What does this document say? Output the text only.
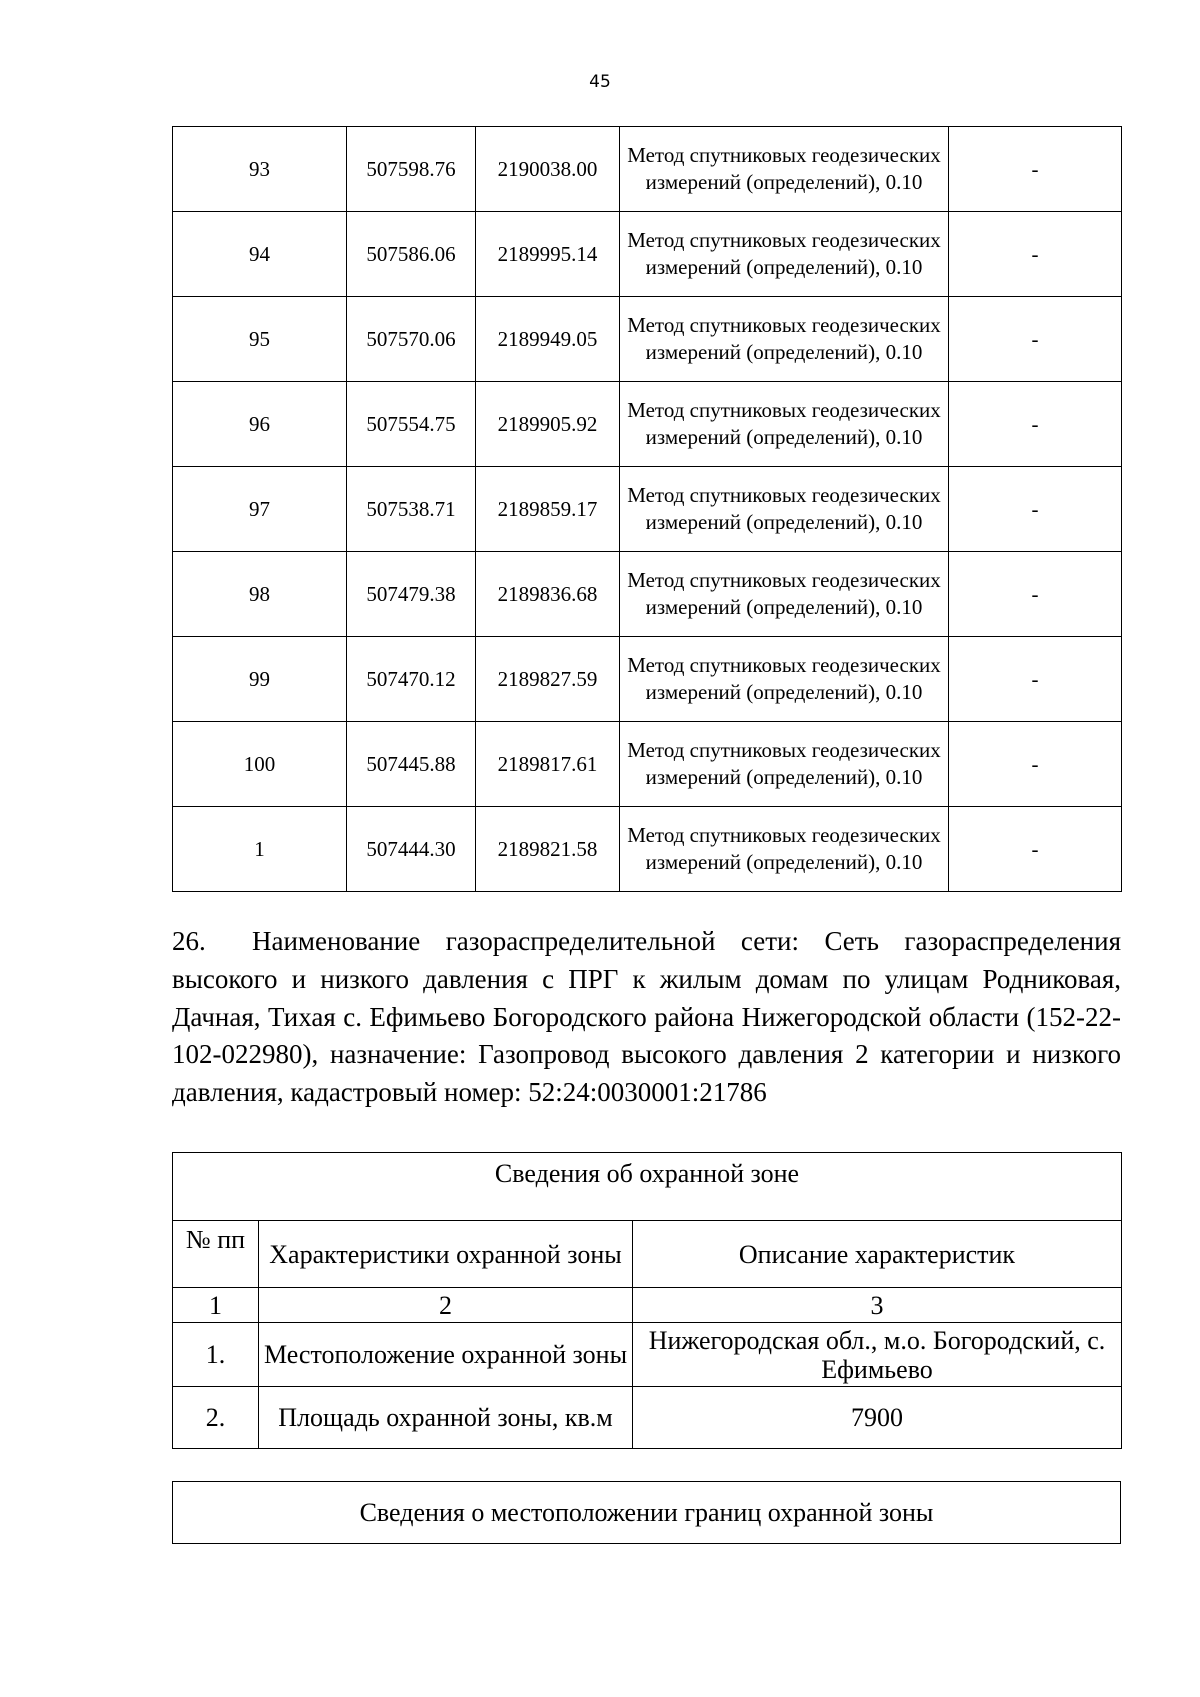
45
93	507598.76	2190038.00	Метод спутниковых геодезических измерений (определений), 0.10	-
94	507586.06	2189995.14	Метод спутниковых геодезических измерений (определений), 0.10	-
95	507570.06	2189949.05	Метод спутниковых геодезических измерений (определений), 0.10	-
96	507554.75	2189905.92	Метод спутниковых геодезических измерений (определений), 0.10	-
97	507538.71	2189859.17	Метод спутниковых геодезических измерений (определений), 0.10	-
98	507479.38	2189836.68	Метод спутниковых геодезических измерений (определений), 0.10	-
99	507470.12	2189827.59	Метод спутниковых геодезических измерений (определений), 0.10	-
100	507445.88	2189817.61	Метод спутниковых геодезических измерений (определений), 0.10	-
1	507444.30	2189821.58	Метод спутниковых геодезических измерений (определений), 0.10	-

26. Наименование газораспределительной сети: Сеть газораспределения высокого и низкого давления с ПРГ к жилым домам по улицам Родниковая, Дачная, Тихая с. Ефимьево Богородского района Нижегородской области (152-22-102-022980), назначение: Газопровод высокого давления 2 категории и низкого давления, кадастровый номер: 52:24:0030001:21786

Сведения об охранной зоне		
№ пп	Характеристики охранной зоны	Описание характеристик
1	2	3
1.	Местоположение охранной зоны	Нижегородская обл., м.о. Богородский, с. Ефимьево
2.	Площадь охранной зоны, кв.м	7900
Сведения о местоположении границ охранной зоны
